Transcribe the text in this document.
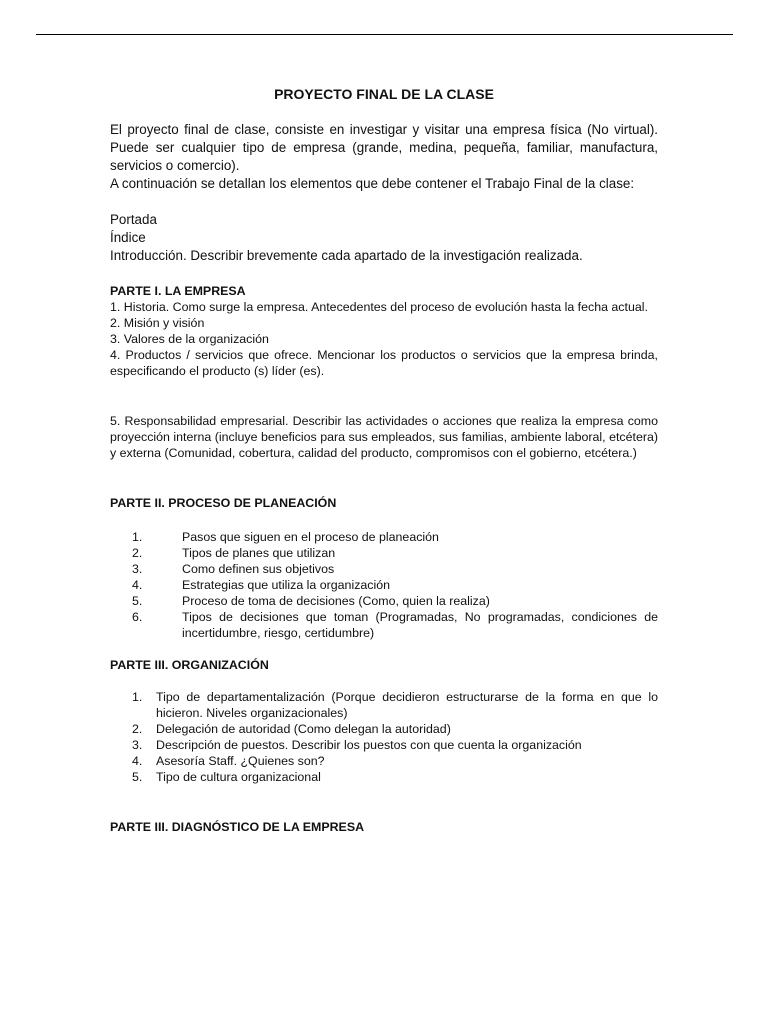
PROYECTO FINAL DE LA CLASE

El proyecto final de clase, consiste en investigar y visitar una empresa física (No virtual). Puede ser cualquier tipo de empresa (grande, medina, pequeña, familiar, manufactura, servicios o comercio).

A continuación se detallan los elementos que debe contener el Trabajo Final de la clase:

Portada

Índice

Introducción. Describir brevemente cada apartado de la investigación realizada.

PARTE I. LA EMPRESA

1. Historia. Como surge la empresa. Antecedentes del proceso de evolución hasta la fecha actual.

2. Misión y visión

3. Valores de la organización

4. Productos / servicios que ofrece. Mencionar los productos o servicios que la empresa brinda, especificando el producto (s) líder (es).

5. Responsabilidad empresarial. Describir las actividades o acciones que realiza la empresa como proyección interna (incluye beneficios para sus empleados, sus familias, ambiente laboral, etcétera) y externa (Comunidad, cobertura, calidad del producto, compromisos con el gobierno, etcétera.)

PARTE II. PROCESO DE PLANEACIÓN

1.	Pasos que siguen en el proceso de planeación
2.	Tipos de planes que utilizan
3.	Como definen sus objetivos
4.	Estrategias que utiliza la organización
5.	Proceso de toma de decisiones (Como, quien la realiza)
6.	Tipos de decisiones que toman (Programadas, No programadas, condiciones de incertidumbre, riesgo, certidumbre)

PARTE III. ORGANIZACIÓN

1.	Tipo de departamentalización (Porque decidieron estructurarse de la forma en que lo hicieron. Niveles organizacionales)
2.	Delegación de autoridad (Como delegan la autoridad)
3.	Descripción de puestos. Describir los puestos con que cuenta la organización
4.	Asesoría Staff. ¿Quienes son?
5.	Tipo de cultura organizacional

PARTE III. DIAGNÓSTICO DE LA EMPRESA
